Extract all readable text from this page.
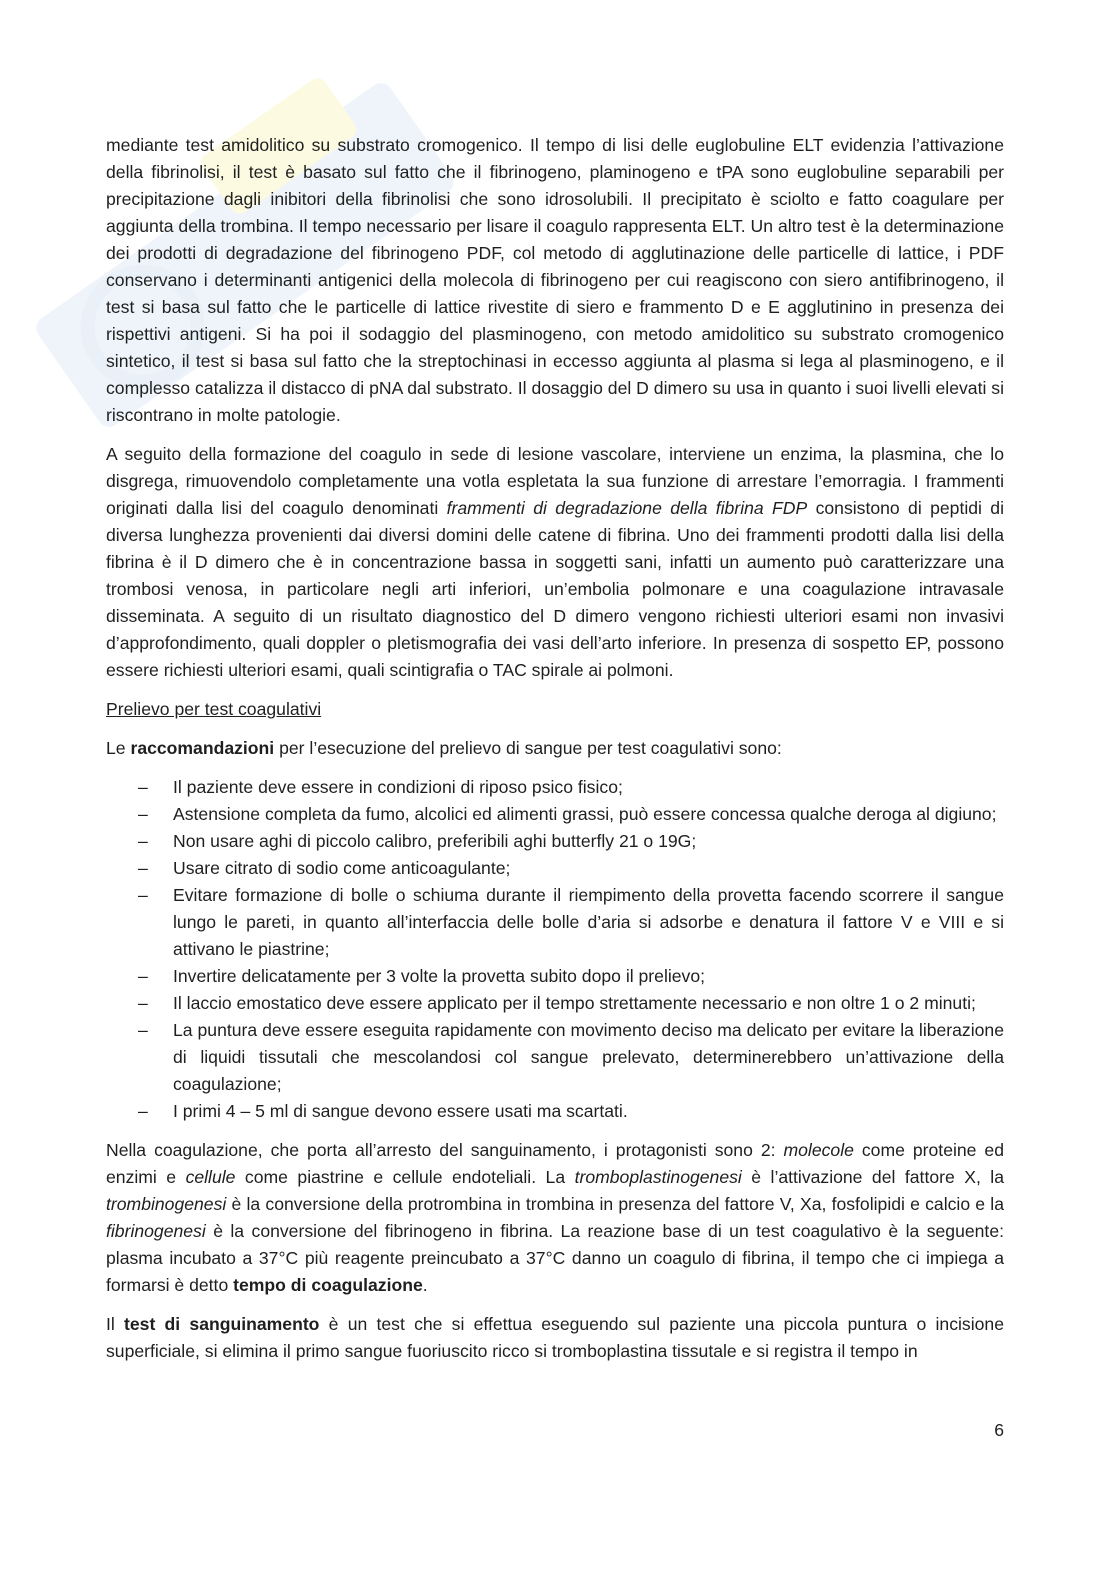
mediante test amidolitico su substrato cromogenico. Il tempo di lisi delle euglobuline ELT evidenzia l’attivazione della fibrinolisi, il test è basato sul fatto che il fibrinogeno, plaminogeno e tPA sono euglobuline separabili per precipitazione dagli inibitori della fibrinolisi che sono idrosolubili. Il precipitato è sciolto e fatto coagulare per aggiunta della trombina. Il tempo necessario per lisare il coagulo rappresenta ELT. Un altro test è la determinazione dei prodotti di degradazione del fibrinogeno PDF, col metodo di agglutinazione delle particelle di lattice, i PDF conservano i determinanti antigenici della molecola di fibrinogeno per cui reagiscono con siero antifibrinogeno, il test si basa sul fatto che le particelle di lattice rivestite di siero e frammento D e E agglutinino in presenza dei rispettivi antigeni. Si ha poi il sodaggio del plasminogeno, con metodo amidolitico su substrato cromogenico sintetico, il test si basa sul fatto che la streptochinasi in eccesso aggiunta al plasma si lega al plasminogeno, e il complesso catalizza il distacco di pNA dal substrato. Il dosaggio del D dimero su usa in quanto i suoi livelli elevati si riscontrano in molte patologie.

A seguito della formazione del coagulo in sede di lesione vascolare, interviene un enzima, la plasmina, che lo disgrega, rimuovendolo completamente una votla espletata la sua funzione di arrestare l’emorragia. I frammenti originati dalla lisi del coagulo denominati frammenti di degradazione della fibrina FDP consistono di peptidi di diversa lunghezza provenienti dai diversi domini delle catene di fibrina. Uno dei frammenti prodotti dalla lisi della fibrina è il D dimero che è in concentrazione bassa in soggetti sani, infatti un aumento può caratterizzare una trombosi venosa, in particolare negli arti inferiori, un’embolia polmonare e una coagulazione intravasale disseminata. A seguito di un risultato diagnostico del D dimero vengono richiesti ulteriori esami non invasivi d’approfondimento, quali doppler o pletismografia dei vasi dell’arto inferiore. In presenza di sospetto EP, possono essere richiesti ulteriori esami, quali scintigrafia o TAC spirale ai polmoni.

Prelievo per test coagulativi

Le raccomandazioni per l’esecuzione del prelievo di sangue per test coagulativi sono:

– Il paziente deve essere in condizioni di riposo psico fisico;
– Astensione completa da fumo, alcolici ed alimenti grassi, può essere concessa qualche deroga al digiuno;
– Non usare aghi di piccolo calibro, preferibili aghi butterfly 21 o 19G;
– Usare citrato di sodio come anticoagulante;
– Evitare formazione di bolle o schiuma durante il riempimento della provetta facendo scorrere il sangue lungo le pareti, in quanto all’interfaccia delle bolle d’aria si adsorbe e denatura il fattore V e VIII e si attivano le piastrine;
– Invertire delicatamente per 3 volte la provetta subito dopo il prelievo;
– Il laccio emostatico deve essere applicato per il tempo strettamente necessario e non oltre 1 o 2 minuti;
– La puntura deve essere eseguita rapidamente con movimento deciso ma delicato per evitare la liberazione di liquidi tissutali che mescolandosi col sangue prelevato, determinerebbero un’attivazione della coagulazione;
– I primi 4 – 5 ml di sangue devono essere usati ma scartati.

Nella coagulazione, che porta all’arresto del sanguinamento, i protagonisti sono 2: molecole come proteine ed enzimi e cellule come piastrine e cellule endoteliali. La tromboplastinogenesi è l’attivazione del fattore X, la trombinogenesi è la conversione della protrombina in trombina in presenza del fattore V, Xa, fosfolipidi e calcio e la fibrinogenesi è la conversione del fibrinogeno in fibrina. La reazione base di un test coagulativo è la seguente: plasma incubato a 37°C più reagente preincubato a 37°C danno un coagulo di fibrina, il tempo che ci impiega a formarsi è detto tempo di coagulazione.

Il test di sanguinamento è un test che si effettua eseguendo sul paziente una piccola puntura o incisione superficiale, si elimina il primo sangue fuoriuscito ricco si tromboplastina tissutale e si registra il tempo in

6
